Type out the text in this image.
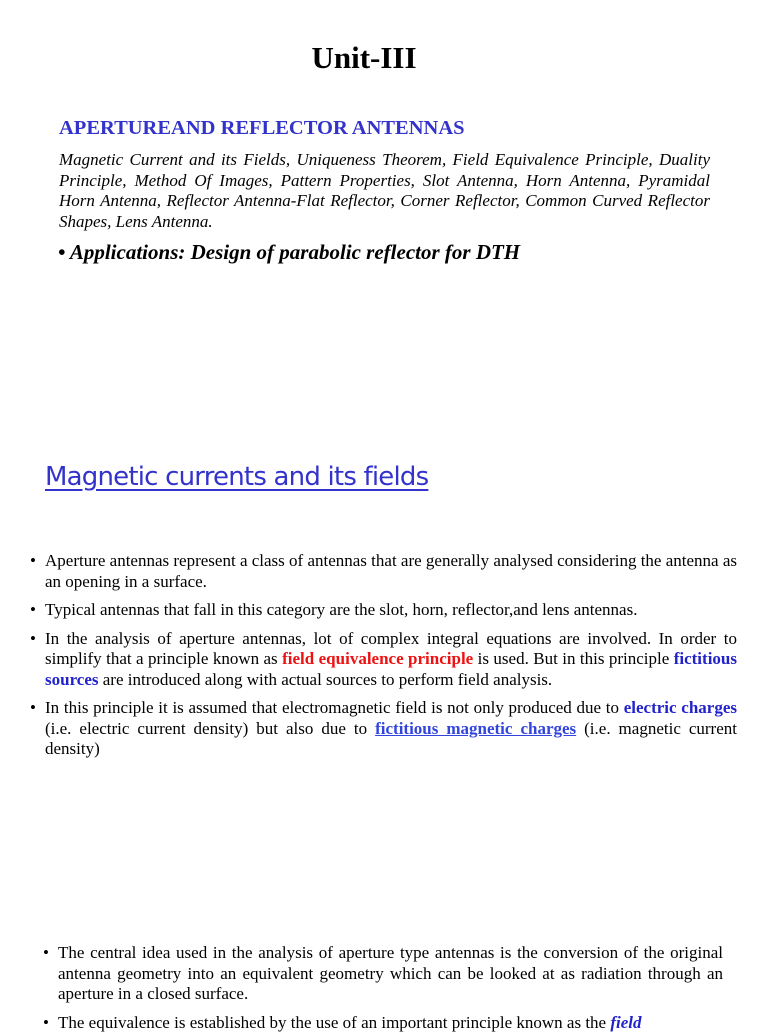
Unit-III
APERTUREAND REFLECTOR ANTENNAS
Magnetic Current and its Fields, Uniqueness Theorem, Field Equivalence Principle, Duality Principle, Method Of Images, Pattern Properties, Slot Antenna, Horn Antenna, Pyramidal Horn Antenna, Reflector Antenna-Flat Reflector, Corner Reflector, Common Curved Reflector Shapes, Lens Antenna.
• Applications: Design of parabolic reflector for DTH
Magnetic currents and its fields
• Aperture antennas represent a class of antennas that are generally analysed considering the antenna as an opening in a surface.
• Typical antennas that fall in this category are the slot, horn, reflector,and lens antennas.
• In the analysis of aperture antennas, lot of complex integral equations are involved. In order to simplify that a principle known as field equivalence principle is used. But in this principle fictitious sources are introduced along with actual sources to perform field analysis.
• In this principle it is assumed that electromagnetic field is not only produced due to electric charges (i.e. electric current density) but also due to fictitious magnetic charges (i.e. magnetic current density)
• The central idea used in the analysis of aperture type antennas is the conversion of the original antenna geometry into an equivalent geometry which can be looked at as radiation through an aperture in a closed surface.
• The equivalence is established by the use of an important principle known as the field
